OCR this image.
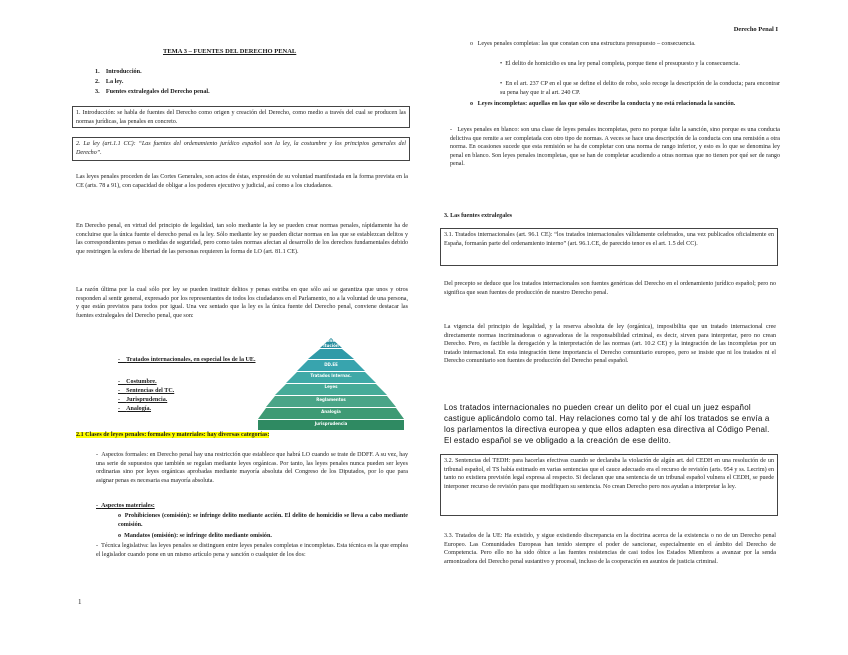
Derecho Penal I
TEMA 3 – FUENTES DEL DERECHO PENAL
1. Introducción.
2. La ley.
3. Fuentes extralegales del Derecho penal.
1. Introducción: se habla de fuentes del Derecho como origen y creación del Derecho, como medio a través del cual se producen las normas jurídicas, las penales en concreto.
2. La ley (art.1.1 CC): “Las fuentes del ordenamiento jurídico español son la ley, la costumbre y los principios generales del Derecho”.
Las leyes penales proceden de las Cortes Generales, son actos de éstas, expresión de su voluntad manifestada en la forma prevista en la CE (arts. 78 a 91), con capacidad de obligar a los poderes ejecutivo y judicial, así como a los ciudadanos.
En Derecho penal, en virtud del principio de legalidad, tan solo mediante la ley se pueden crear normas penales, rápidamente ha de concluirse que la única fuente el derecho penal es la ley. Sólo mediante ley se pueden dictar normas en las que se establezcan delitos y las correspondientes penas o medidas de seguridad, pero como tales normas afectan al desarrollo de los derechos fundamentales debido que restringen la esfera de libertad de las personas requieren la forma de LO (art. 81.1 CE).
La razón última por la cual sólo por ley se pueden instituir delitos y penas estriba en que sólo así se garantiza que unos y otros responden al sentir general, expresado por los representantes de todos los ciudadanos en el Parlamento, no a la voluntad de una persona, y que están previstos para todos por igual. Una vez sentado que la ley es la única fuente del Derecho penal, conviene destacar las fuentes extralegales del Derecho penal, que son:
-    Tratados internacionales, en especial los de la UE.
-    Costumbre.
-    Sentencias del TC.
-    Jurisprudencia.
-    Analogía.
Const. itución
DD.EE
Tratados Internac.
Leyes
Reglamentos
Analogía
Jurisprudencia
2.1 Clases de leyes penales: formales y materiales: hay diversas categorías:
-  Aspectos formales: en Derecho penal hay una restricción que establece que habrá LO cuando se trate de DDFF. A su vez, hay una serie de supuestos que también se regulan mediante leyes orgánicas. Por tanto, las leyes penales nunca pueden ser leyes ordinarias sino por leyes orgánicas aprobadas mediante mayoría absoluta del Congreso de los Diputados, por lo que para asignar penas es necesaria esa mayoría absoluta.
-  Aspectos materiales:
o  Prohibiciones (comisión): se infringe delito mediante acción. El delito de homicidio se lleva a cabo mediante comisión.
o  Mandatos (omisión): se infringe delito mediante omisión.
-  Técnica legislativa: las leyes penales se distinguen entre leyes penales completas e incompletas. Esta técnica es la que emplea el legislador cuando pone en un mismo artículo pena y sanción o cualquier de los dos:
1
o   Leyes penales completas: las que constan con una estructura presupuesto – consecuencia.
•  El delito de homicidio es una ley penal completa, porque tiene el presupuesto y la consecuencia.
•  En el art. 237 CP en el que se define el delito de robo, solo recoge la descripción de la conducta; para encontrar su pena hay que ir al art. 240 CP.
o   Leyes incompletas: aquellas en las que sólo se describe la conducta y no está relacionada la sanción.
-   Leyes penales en blanco: son una clase de leyes penales incompletas, pero no porque falte la sanción, sino porque es una conducta delictiva que remite a ser completada con otro tipo de normas. A veces se hace una descripción de la conducta con una remisión a otra norma. En ocasiones sucede que esta remisión se ha de completar con una norma de rango inferior, y esto es lo que se denomina ley penal en blanco. Son leyes penales incompletas, que se han de completar acudiendo a otras normas que no tienen por qué ser de rango penal.
3. Las fuentes extralegales
3.1. Tratados internacionales (art. 96.1 CE): “los tratados internacionales válidamente celebrados, una vez publicados oficialmente en España, formarán parte del ordenamiento interno” (art. 96.1.CE, de parecido tenor es el art. 1.5 del CC).
Del precepto se deduce que los tratados internacionales son fuentes genéricas del Derecho en el ordenamiento jurídico español; pero no significa que sean fuentes de producción de nuestro Derecho penal.
La vigencia del principio de legalidad, y la reserva absoluta de ley (orgánica), imposibilita que un tratado internacional cree directamente normas incriminadoras o agravadoras de la responsabilidad criminal, es decir, sirven para interpretar, pero no crean Derecho. Pero, es factible la derogación y la interpretación de las normas (art. 10.2 CE) y la integración de las incompletas por un tratado internacional. En esta integración tiene importancia el Derecho comunitario europeo, pero se insiste que ni los tratados ni el Derecho comunitario son fuentes de producción del Derecho penal español.
Los tratados internacionales no pueden crear un delito por el cual un juez español castigue aplicándolo como tal. Hay relaciones como tal y de ahí los tratados se envía a los parlamentos la directiva europea y que ellos adapten esa directiva al Código Penal. El estado español se ve obligado a la creación de ese delito.
3.2. Sentencias del TEDH: para hacerlas efectivas cuando se declaraba la violación de algún art. del CEDH en una resolución de un tribunal español, el TS había estimado en varias sentencias que el cauce adecuado era el recurso de revisión (arts. 954 y ss. Lecrim) en tanto no existiera previsión legal expresa al respecto. Si declaran que una sentencia de un tribunal español vulnera el CEDH, se puede interponer recurso de revisión para que modifiquen su sentencia. No crean Derecho pero nos ayudan a interpretar la ley.
3.3. Tratados de la UE: Ha existido, y sigue existiendo discrepancia en la doctrina acerca de la existencia o no de un Derecho penal Europeo. Las Comunidades Europeas han tenido siempre el poder de sancionar, especialmente en el ámbito del Derecho de Competencia. Pero ello no ha sido óbice a las fuentes resistencias de casi todos los Estados Miembros a avanzar por la senda armonizadora del Derecho penal sustantivo y procesal, incluso de la cooperación en asuntos de justicia criminal.
